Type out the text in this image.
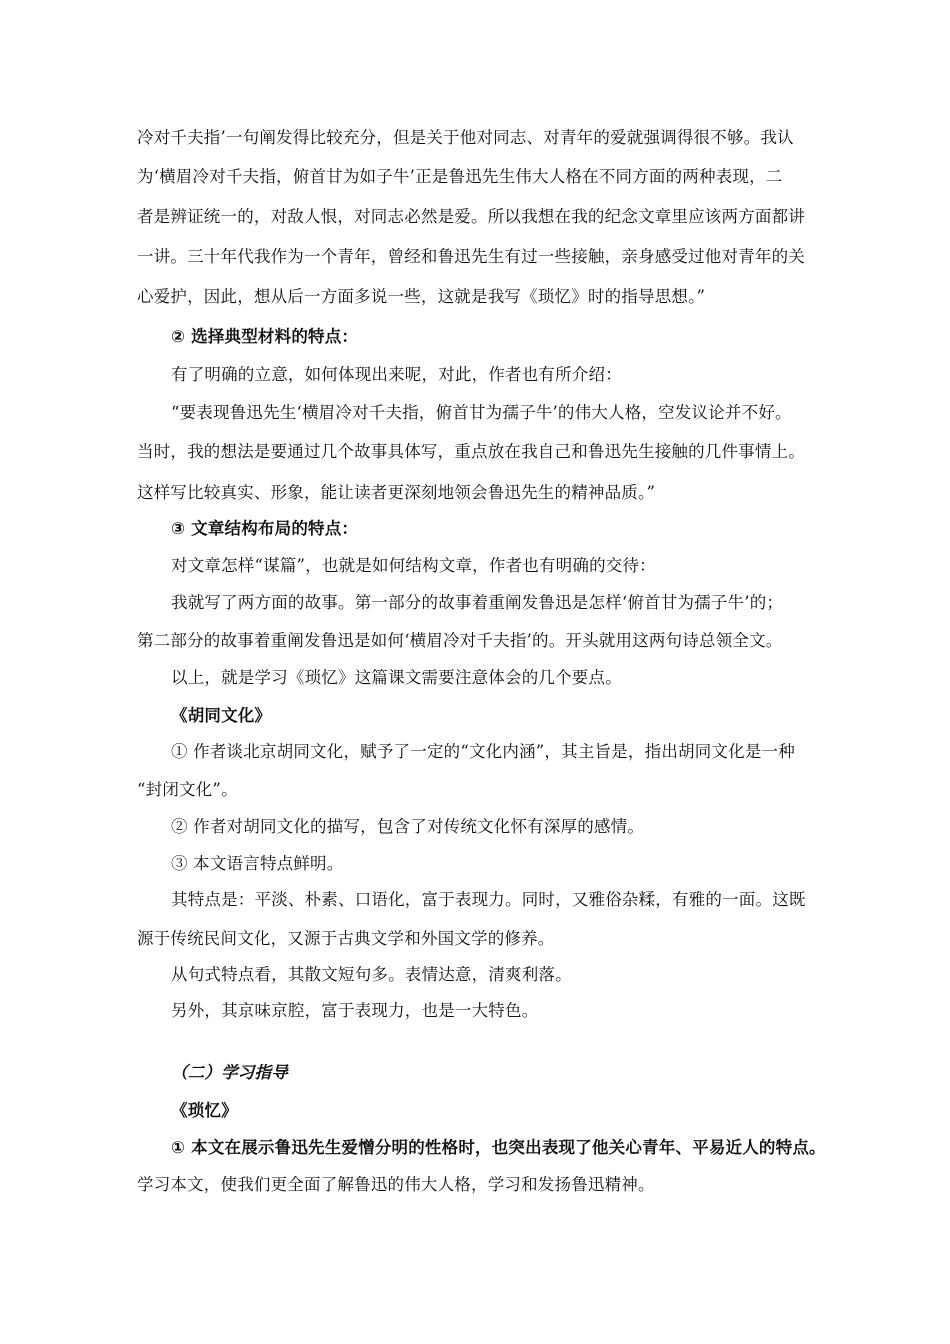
冷对千夫指’一句阐发得比较充分，但是关于他对同志、对青年的爱就强调得很不够。我认
为‘横眉冷对千夫指，俯首甘为如子牛’正是鲁迅先生伟大人格在不同方面的两种表现，二
者是辨证统一的，对敌人恨，对同志必然是爱。所以我想在我的纪念文章里应该两方面都讲
一讲。三十年代我作为一个青年，曾经和鲁迅先生有过一些接触，亲身感受过他对青年的关
心爱护，因此，想从后一方面多说一些，这就是我写《琐忆》时的指导思想。”
② 选择典型材料的特点：
有了明确的立意，如何体现出来呢，对此，作者也有所介绍：
“要表现鲁迅先生‘横眉冷对千夫指，俯首甘为孺子牛’的伟大人格，空发议论并不好。
当时，我的想法是要通过几个故事具体写，重点放在我自己和鲁迅先生接触的几件事情上。
这样写比较真实、形象，能让读者更深刻地领会鲁迅先生的精神品质。”
③ 文章结构布局的特点：
对文章怎样“谋篇”，也就是如何结构文章，作者也有明确的交待：
我就写了两方面的故事。第一部分的故事着重阐发鲁迅是怎样‘俯首甘为孺子牛’的；
第二部分的故事着重阐发鲁迅是如何‘横眉冷对千夫指’的。开头就用这两句诗总领全文。
以上，就是学习《琐忆》这篇课文需要注意体会的几个要点。
《胡同文化》
① 作者谈北京胡同文化，赋予了一定的“文化内涵”，其主旨是，指出胡同文化是一种
“封闭文化”。
② 作者对胡同文化的描写，包含了对传统文化怀有深厚的感情。
③ 本文语言特点鲜明。
其特点是：平淡、朴素、口语化，富于表现力。同时，又雅俗杂糅，有雅的一面。这既
源于传统民间文化，又源于古典文学和外国文学的修养。
从句式特点看，其散文短句多。表情达意，清爽利落。
另外，其京味京腔，富于表现力，也是一大特色。
（二）学习指导
《琐忆》
① 本文在展示鲁迅先生爱憎分明的性格时，也突出表现了他关心青年、平易近人的特点。
学习本文，使我们更全面了解鲁迅的伟大人格，学习和发扬鲁迅精神。
